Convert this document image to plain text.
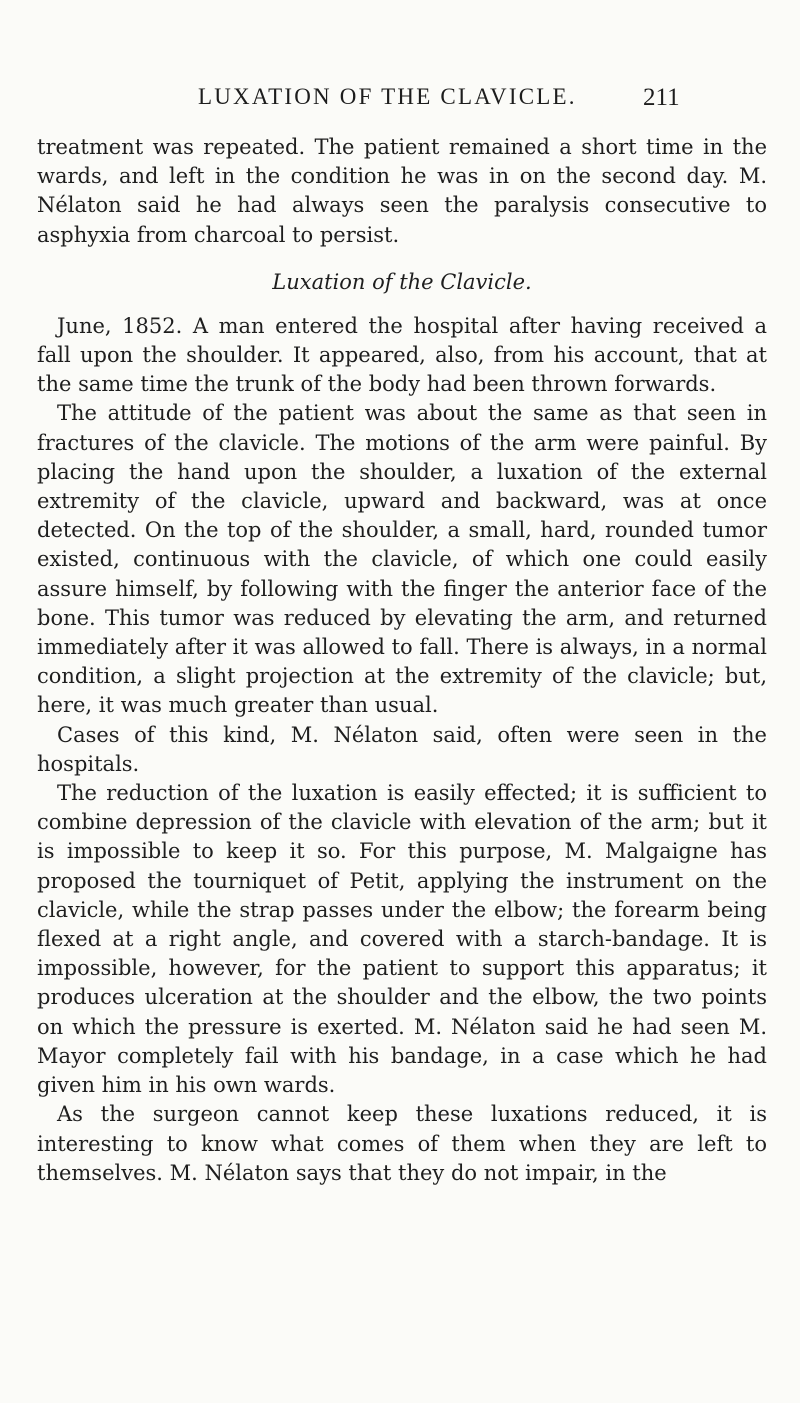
LUXATION OF THE CLAVICLE.	211

treatment was repeated. The patient remained a short time in the wards, and left in the condition he was in on the second day. M. Nélaton said he had always seen the paralysis consecutive to asphyxia from charcoal to persist.

Luxation of the Clavicle.

June, 1852. A man entered the hospital after having received a fall upon the shoulder. It appeared, also, from his account, that at the same time the trunk of the body had been thrown forwards.

The attitude of the patient was about the same as that seen in fractures of the clavicle. The motions of the arm were painful. By placing the hand upon the shoulder, a luxation of the external extremity of the clavicle, upward and backward, was at once detected. On the top of the shoulder, a small, hard, rounded tumor existed, continuous with the clavicle, of which one could easily assure himself, by following with the finger the anterior face of the bone. This tumor was reduced by elevating the arm, and returned immediately after it was allowed to fall. There is always, in a normal condition, a slight projection at the extremity of the clavicle; but, here, it was much greater than usual.

Cases of this kind, M. Nélaton said, often were seen in the hospitals.

The reduction of the luxation is easily effected; it is sufficient to combine depression of the clavicle with elevation of the arm; but it is impossible to keep it so. For this purpose, M. Malgaigne has proposed the tourniquet of Petit, applying the instrument on the clavicle, while the strap passes under the elbow; the forearm being flexed at a right angle, and covered with a starch-bandage. It is impossible, however, for the patient to support this apparatus; it produces ulceration at the shoulder and the elbow, the two points on which the pressure is exerted. M. Nélaton said he had seen M. Mayor completely fail with his bandage, in a case which he had given him in his own wards.

As the surgeon cannot keep these luxations reduced, it is interesting to know what comes of them when they are left to themselves. M. Nélaton says that they do not impair, in the
